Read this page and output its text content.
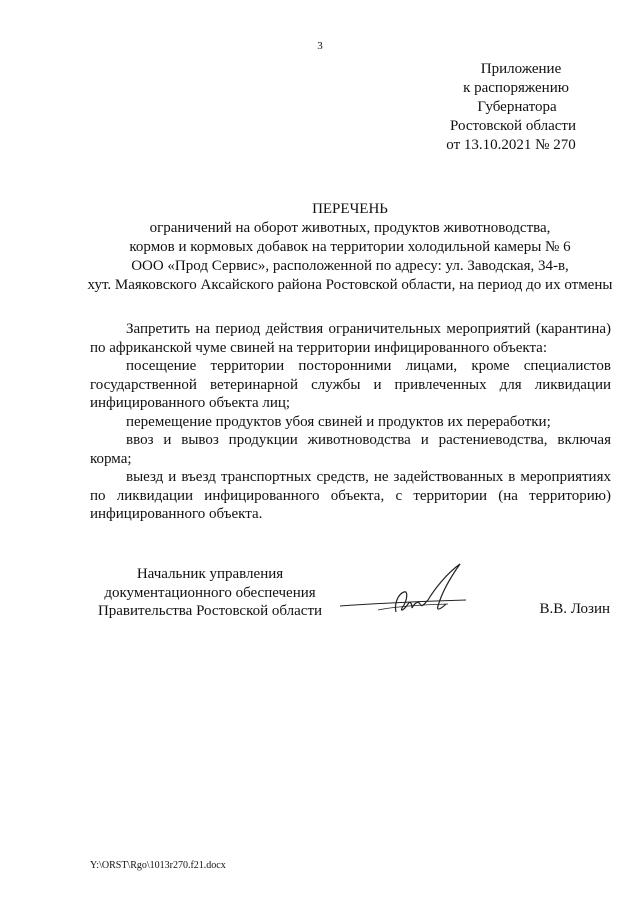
3
Приложение
к распоряжению
Губернатора
Ростовской области
от 13.10.2021 № 270
ПЕРЕЧЕНЬ
ограничений на оборот животных, продуктов животноводства,
кормов и кормовых добавок на территории холодильной камеры № 6
ООО «Прод Сервис», расположенной по адресу: ул. Заводская, 34-в,
хут. Маяковского Аксайского района Ростовской области, на период до их отмены

Запретить на период действия ограничительных мероприятий (карантина) по африканской чуме свиней на территории инфицированного объекта:

посещение территории посторонними лицами, кроме специалистов государственной ветеринарной службы и привлеченных для ликвидации инфицированного объекта лиц;

перемещение продуктов убоя свиней и продуктов их переработки;

ввоз и вывоз продукции животноводства и растениеводства, включая корма;

выезд и въезд транспортных средств, не задействованных в мероприятиях по ликвидации инфицированного объекта, с территории (на территорию) инфицированного объекта.

Начальник управления
документационного обеспечения
Правительства Ростовской области	В.В. Лозин
Y:\ORST\Rgo\1013r270.f21.docx
